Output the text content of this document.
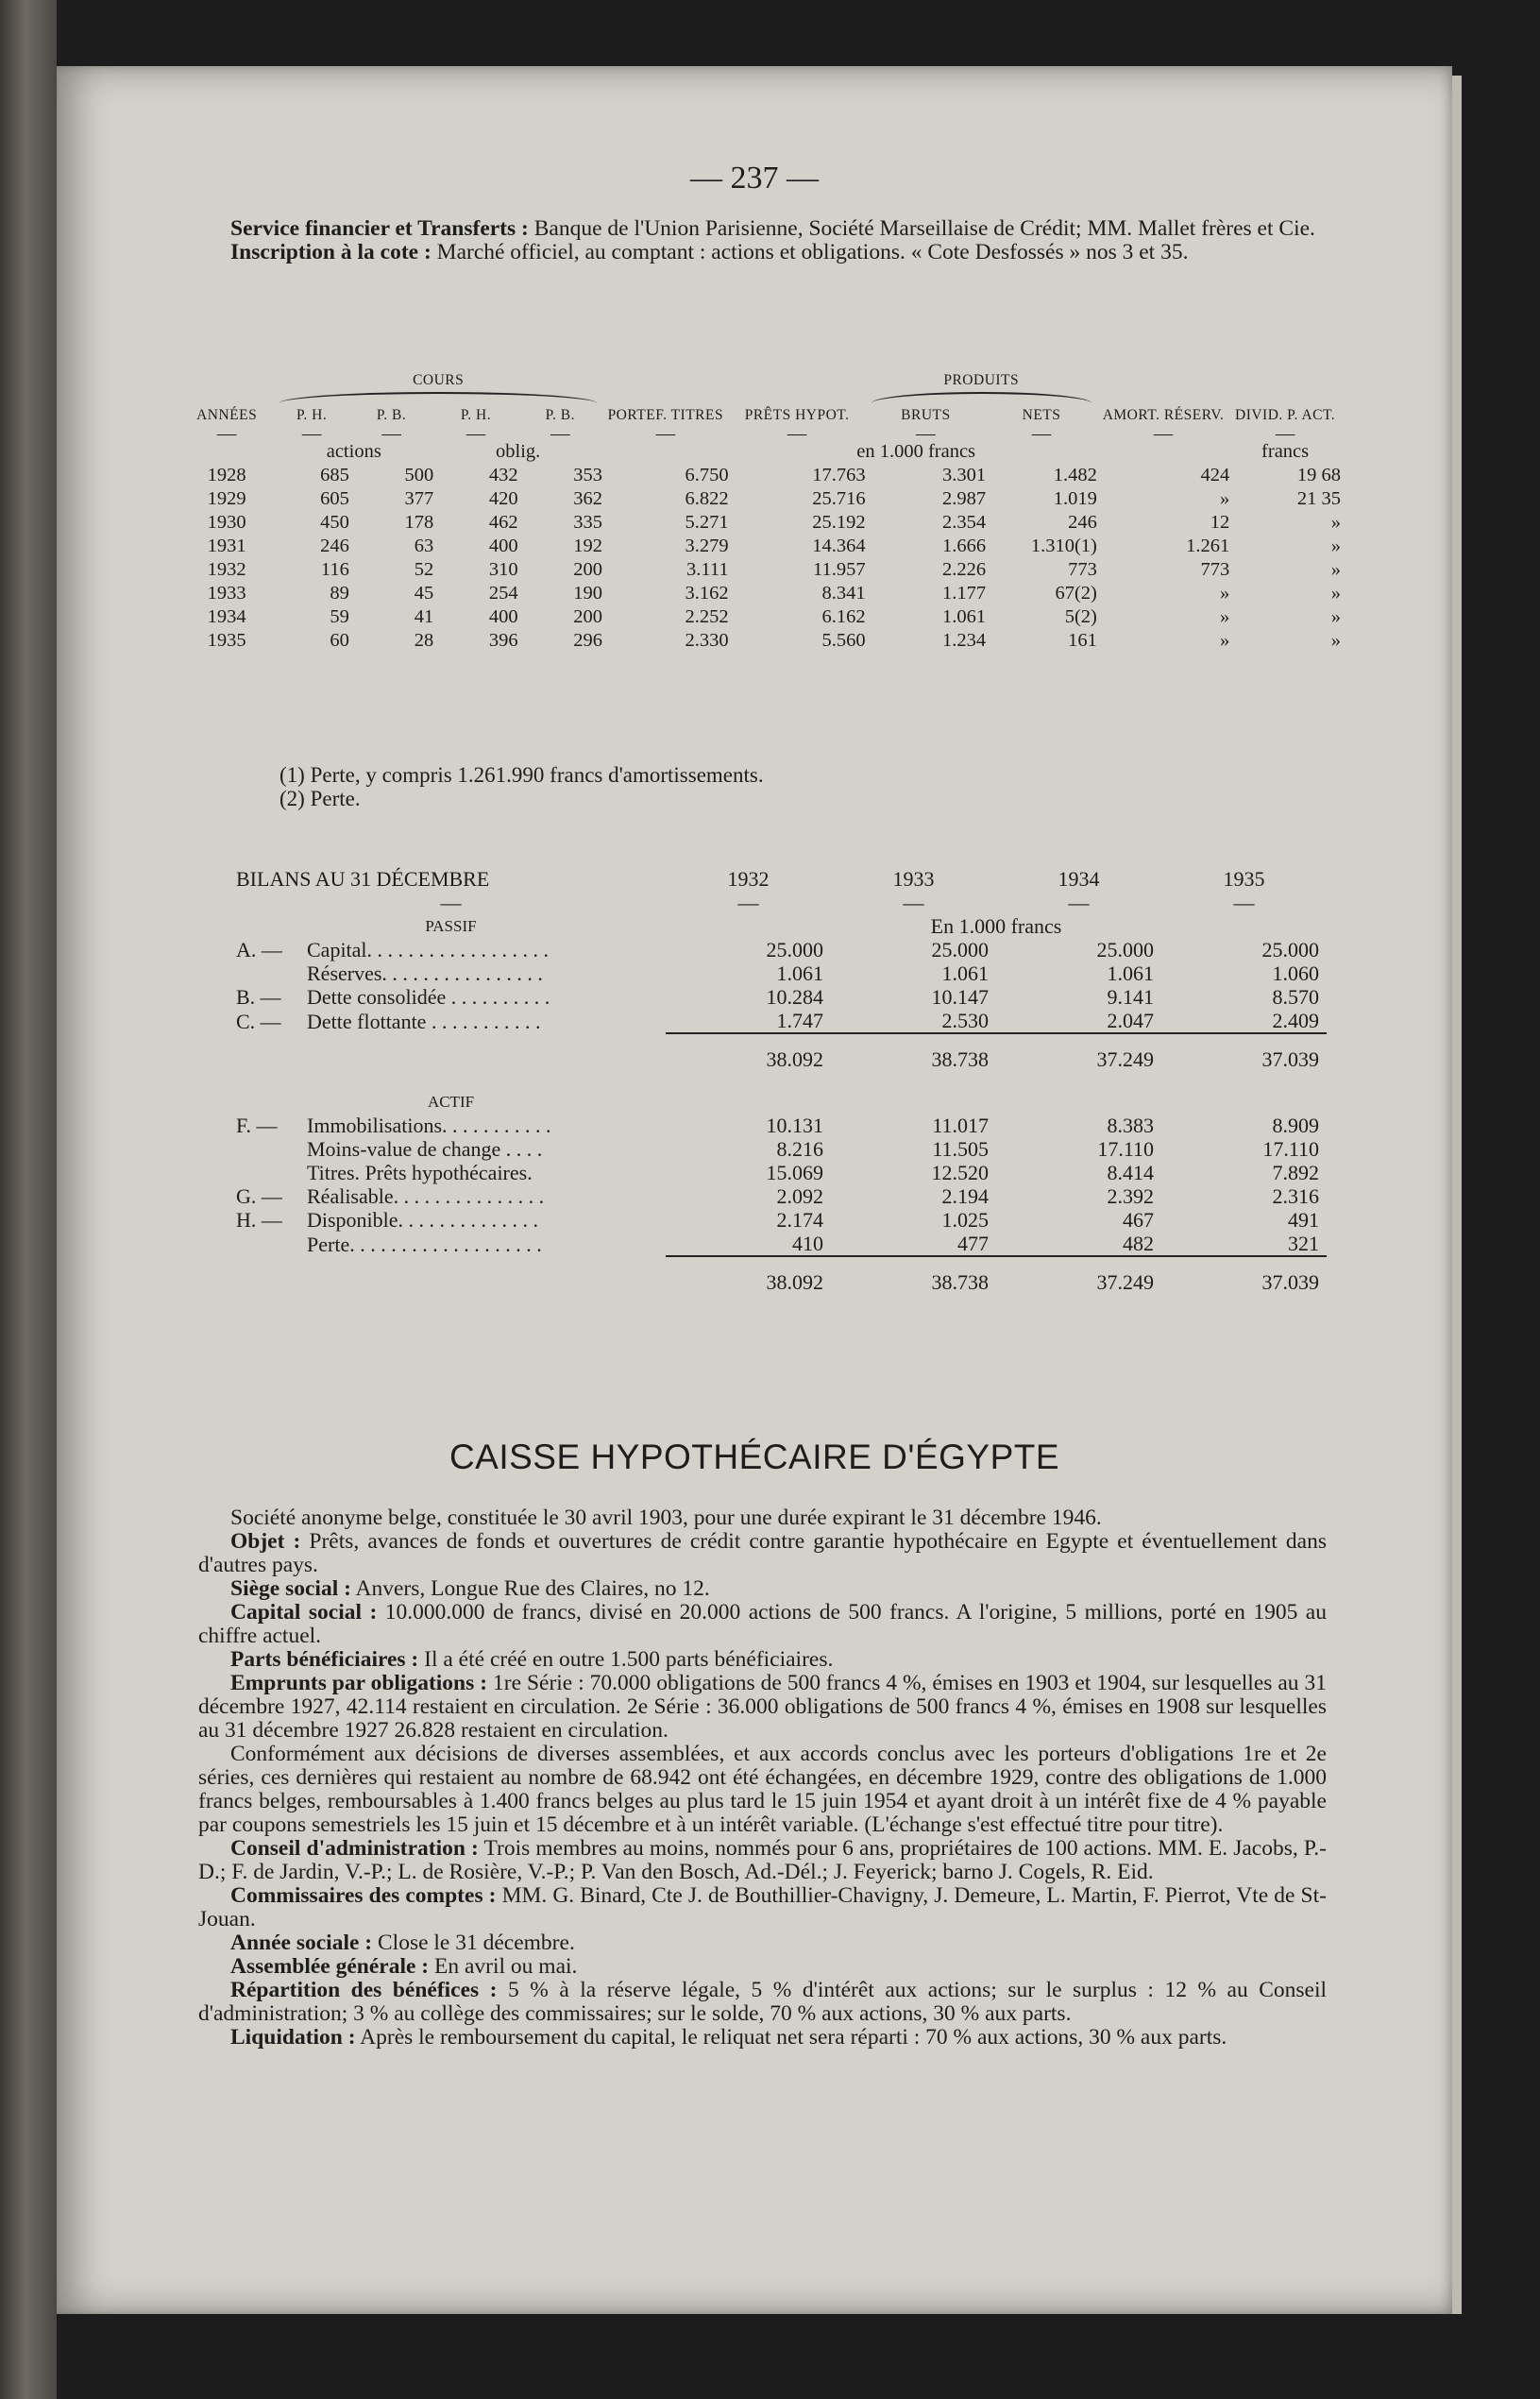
— 237 —

Service financier et Transferts : Banque de l'Union Parisienne, Société Marseillaise de Crédit; MM. Mallet frères et Cie.

Inscription à la cote : Marché officiel, au comptant : actions et obligations. « Cote Desfossés » nos 3 et 35.

	COURS						PRODUITS	

ANNÉES	P. H.	P. B.	P. H.	P. B.	PORTEF. TITRES	PRÊTS HYPOT.	BRUTS	NETS	AMORT. RÉSERV.	DIVID. P. ACT.
—	—	—	—	—	—	—	—	—	—	—
	actions		oblig.		en 1.000 francs					francs
1928	685	500	432	353	6.750	17.763	3.301	1.482	424	19 68
1929	605	377	420	362	6.822	25.716	2.987	1.019	»	21 35
1930	450	178	462	335	5.271	25.192	2.354	246	12	»
1931	246	63	400	192	3.279	14.364	1.666	1.310(1)	1.261	»
1932	116	52	310	200	3.111	11.957	2.226	773	773	»
1933	89	45	254	190	3.162	8.341	1.177	67(2)	»	»
1934	59	41	400	200	2.252	6.162	1.061	5(2)	»	»
1935	60	28	396	296	2.330	5.560	1.234	161	»	»
(1) Perte, y compris 1.261.990 francs d'amortissements.
(2) Perte.
BILANS AU 31 DÉCEMBRE		1932	1933	1934	1935
—		—	—	—	—
PASSIF		En 1.000 francs			
A. —	Capital. . . . . . . . . . . . . . . . . .	25.000	25.000	25.000	25.000
	Réserves. . . . . . . . . . . . . . . .	1.061	1.061	1.061	1.060
B. —	Dette consolidée . . . . . . . . . .	10.284	10.147	9.141	8.570
C. —	Dette flottante . . . . . . . . . . .	1.747	2.530	2.047	2.409
		38.092	38.738	37.249	37.039

ACTIF					
F. —	Immobilisations. . . . . . . . . . .	10.131	11.017	8.383	8.909
	Moins-value de change . . . .	8.216	11.505	17.110	17.110
	Titres. Prêts hypothécaires.	15.069	12.520	8.414	7.892
G. —	Réalisable. . . . . . . . . . . . . . .	2.092	2.194	2.392	2.316
H. —	Disponible. . . . . . . . . . . . . .	2.174	1.025	467	491
	Perte. . . . . . . . . . . . . . . . . . .	410	477	482	321
		38.092	38.738	37.249	37.039
CAISSE HYPOTHÉCAIRE D'ÉGYPTE

Société anonyme belge, constituée le 30 avril 1903, pour une durée expirant le 31 décembre 1946.

Objet : Prêts, avances de fonds et ouvertures de crédit contre garantie hypothécaire en Egypte et éventuellement dans d'autres pays.

Siège social : Anvers, Longue Rue des Claires, no 12.

Capital social : 10.000.000 de francs, divisé en 20.000 actions de 500 francs. A l'origine, 5 millions, porté en 1905 au chiffre actuel.

Parts bénéficiaires : Il a été créé en outre 1.500 parts bénéficiaires.

Emprunts par obligations : 1re Série : 70.000 obligations de 500 francs 4 %, émises en 1903 et 1904, sur lesquelles au 31 décembre 1927, 42.114 restaient en circulation. 2e Série : 36.000 obligations de 500 francs 4 %, émises en 1908 sur lesquelles au 31 décembre 1927 26.828 restaient en circulation.

Conformément aux décisions de diverses assemblées, et aux accords conclus avec les porteurs d'obligations 1re et 2e séries, ces dernières qui restaient au nombre de 68.942 ont été échangées, en décembre 1929, contre des obligations de 1.000 francs belges, remboursables à 1.400 francs belges au plus tard le 15 juin 1954 et ayant droit à un intérêt fixe de 4 % payable par coupons semestriels les 15 juin et 15 décembre et à un intérêt variable. (L'échange s'est effectué titre pour titre).

Conseil d'administration : Trois membres au moins, nommés pour 6 ans, propriétaires de 100 actions. MM. E. Jacobs, P.-D.; F. de Jardin, V.-P.; L. de Rosière, V.-P.; P. Van den Bosch, Ad.-Dél.; J. Feyerick; barno J. Cogels, R. Eid.

Commissaires des comptes : MM. G. Binard, Cte J. de Bouthillier-Chavigny, J. Demeure, L. Martin, F. Pierrot, Vte de St-Jouan.

Année sociale : Close le 31 décembre.

Assemblée générale : En avril ou mai.

Répartition des bénéfices : 5 % à la réserve légale, 5 % d'intérêt aux actions; sur le surplus : 12 % au Conseil d'administration; 3 % au collège des commissaires; sur le solde, 70 % aux actions, 30 % aux parts.

Liquidation : Après le remboursement du capital, le reliquat net sera réparti : 70 % aux actions, 30 % aux parts.
